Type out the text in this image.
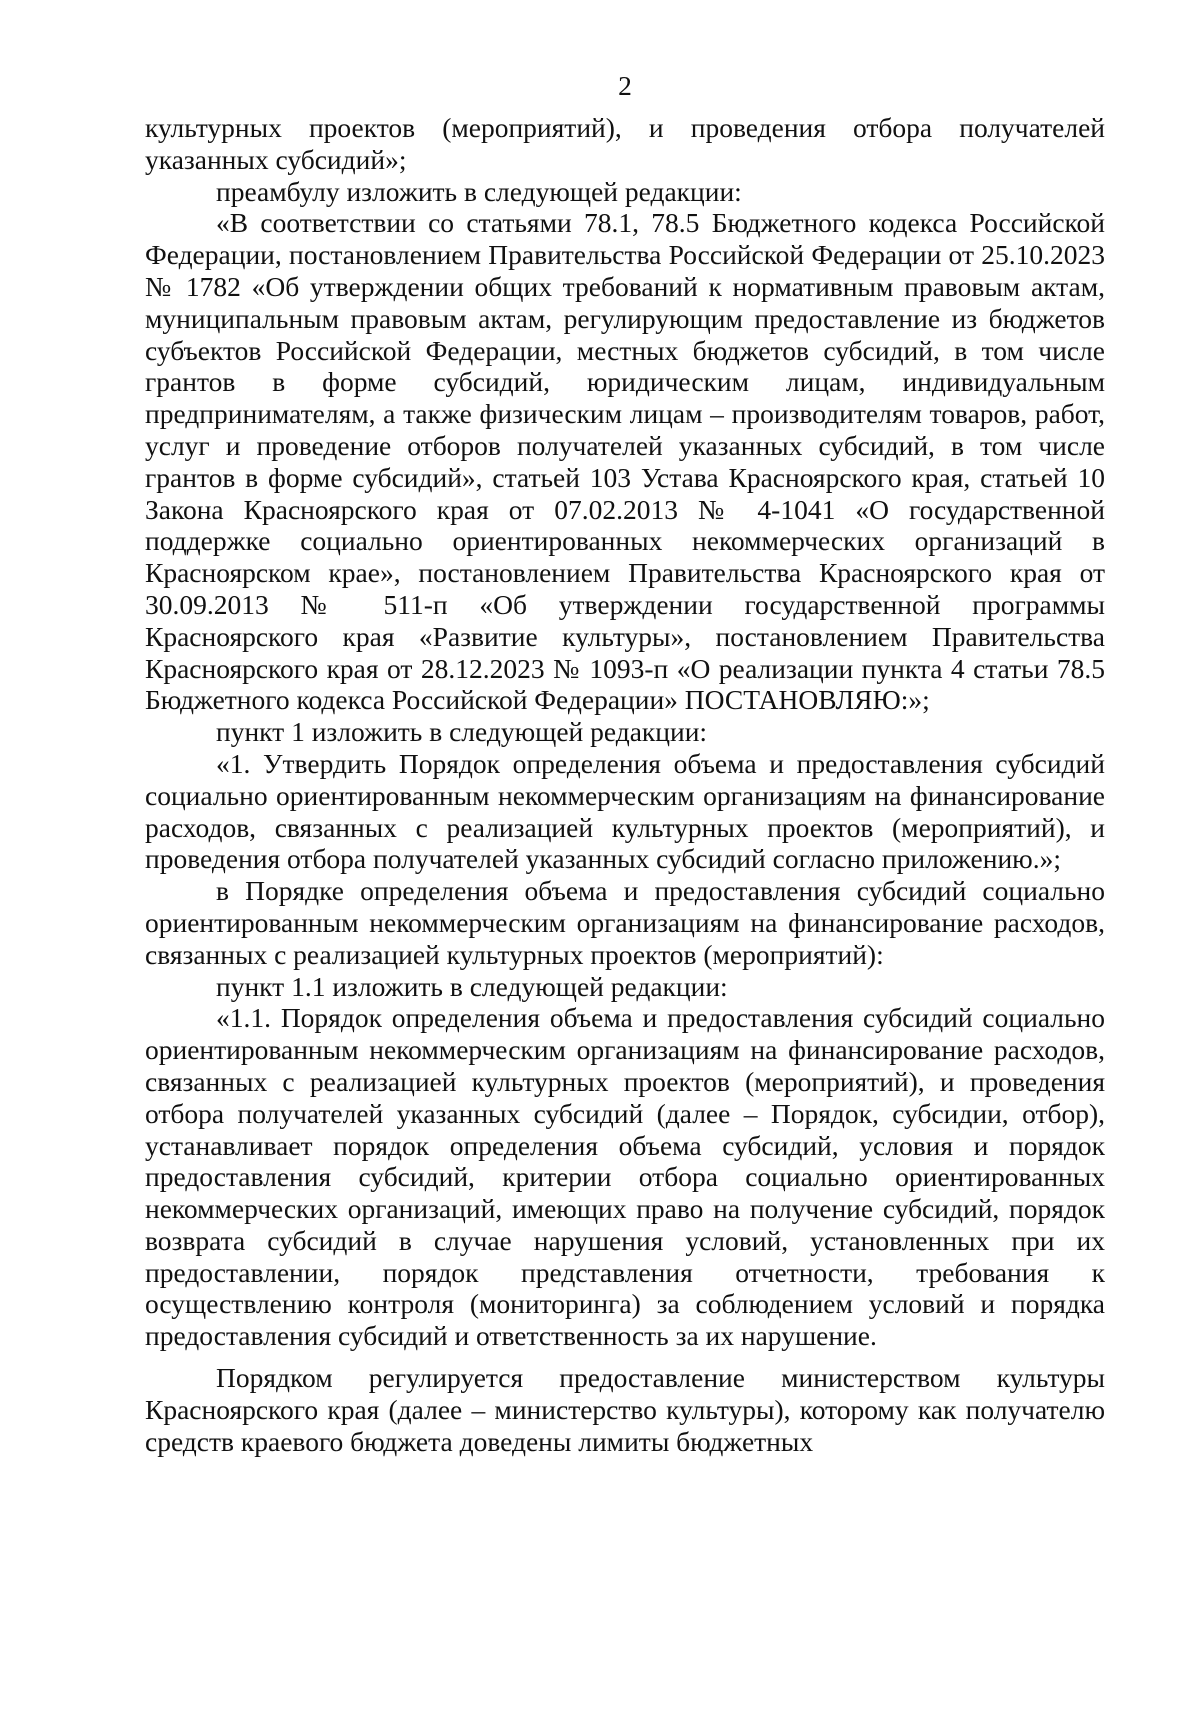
2

культурных проектов (мероприятий), и проведения отбора получателей указанных субсидий»;

преамбулу изложить в следующей редакции:

«В соответствии со статьями 78.1, 78.5 Бюджетного кодекса Российской Федерации, постановлением Правительства Российской Федерации от 25.10.2023 № 1782 «Об утверждении общих требований к нормативным правовым актам, муниципальным правовым актам, регулирующим предоставление из бюджетов субъектов Российской Федерации, местных бюджетов субсидий, в том числе грантов в форме субсидий, юридическим лицам, индивидуальным предпринимателям, а также физическим лицам – производителям товаров, работ, услуг и проведение отборов получателей указанных субсидий, в том числе грантов в форме субсидий», статьей 103 Устава Красноярского края, статьей 10 Закона Красноярского края от 07.02.2013 № 4-1041 «О государственной поддержке социально ориентированных некоммерческих организаций в Красноярском крае», постановлением Правительства Красноярского края от 30.09.2013 № 511-п «Об утверждении государственной программы Красноярского края «Развитие культуры», постановлением Правительства Красноярского края от 28.12.2023 № 1093-п «О реализации пункта 4 статьи 78.5 Бюджетного кодекса Российской Федерации» ПОСТАНОВЛЯЮ:»;

пункт 1 изложить в следующей редакции:

«1. Утвердить Порядок определения объема и предоставления субсидий социально ориентированным некоммерческим организациям на финансирование расходов, связанных с реализацией культурных проектов (мероприятий), и проведения отбора получателей указанных субсидий согласно приложению.»;

в Порядке определения объема и предоставления субсидий социально ориентированным некоммерческим организациям на финансирование расходов, связанных с реализацией культурных проектов (мероприятий):

пункт 1.1 изложить в следующей редакции:

«1.1. Порядок определения объема и предоставления субсидий социально ориентированным некоммерческим организациям на финансирование расходов, связанных с реализацией культурных проектов (мероприятий), и проведения отбора получателей указанных субсидий (далее – Порядок, субсидии, отбор), устанавливает порядок определения объема субсидий, условия и порядок предоставления субсидий, критерии отбора социально ориентированных некоммерческих организаций, имеющих право на получение субсидий, порядок возврата субсидий в случае нарушения условий, установленных при их предоставлении, порядок представления отчетности, требования к осуществлению контроля (мониторинга) за соблюдением условий и порядка предоставления субсидий и ответственность за их нарушение.

Порядком регулируется предоставление министерством культуры Красноярского края (далее – министерство культуры), которому как получателю средств краевого бюджета доведены лимиты бюджетных
